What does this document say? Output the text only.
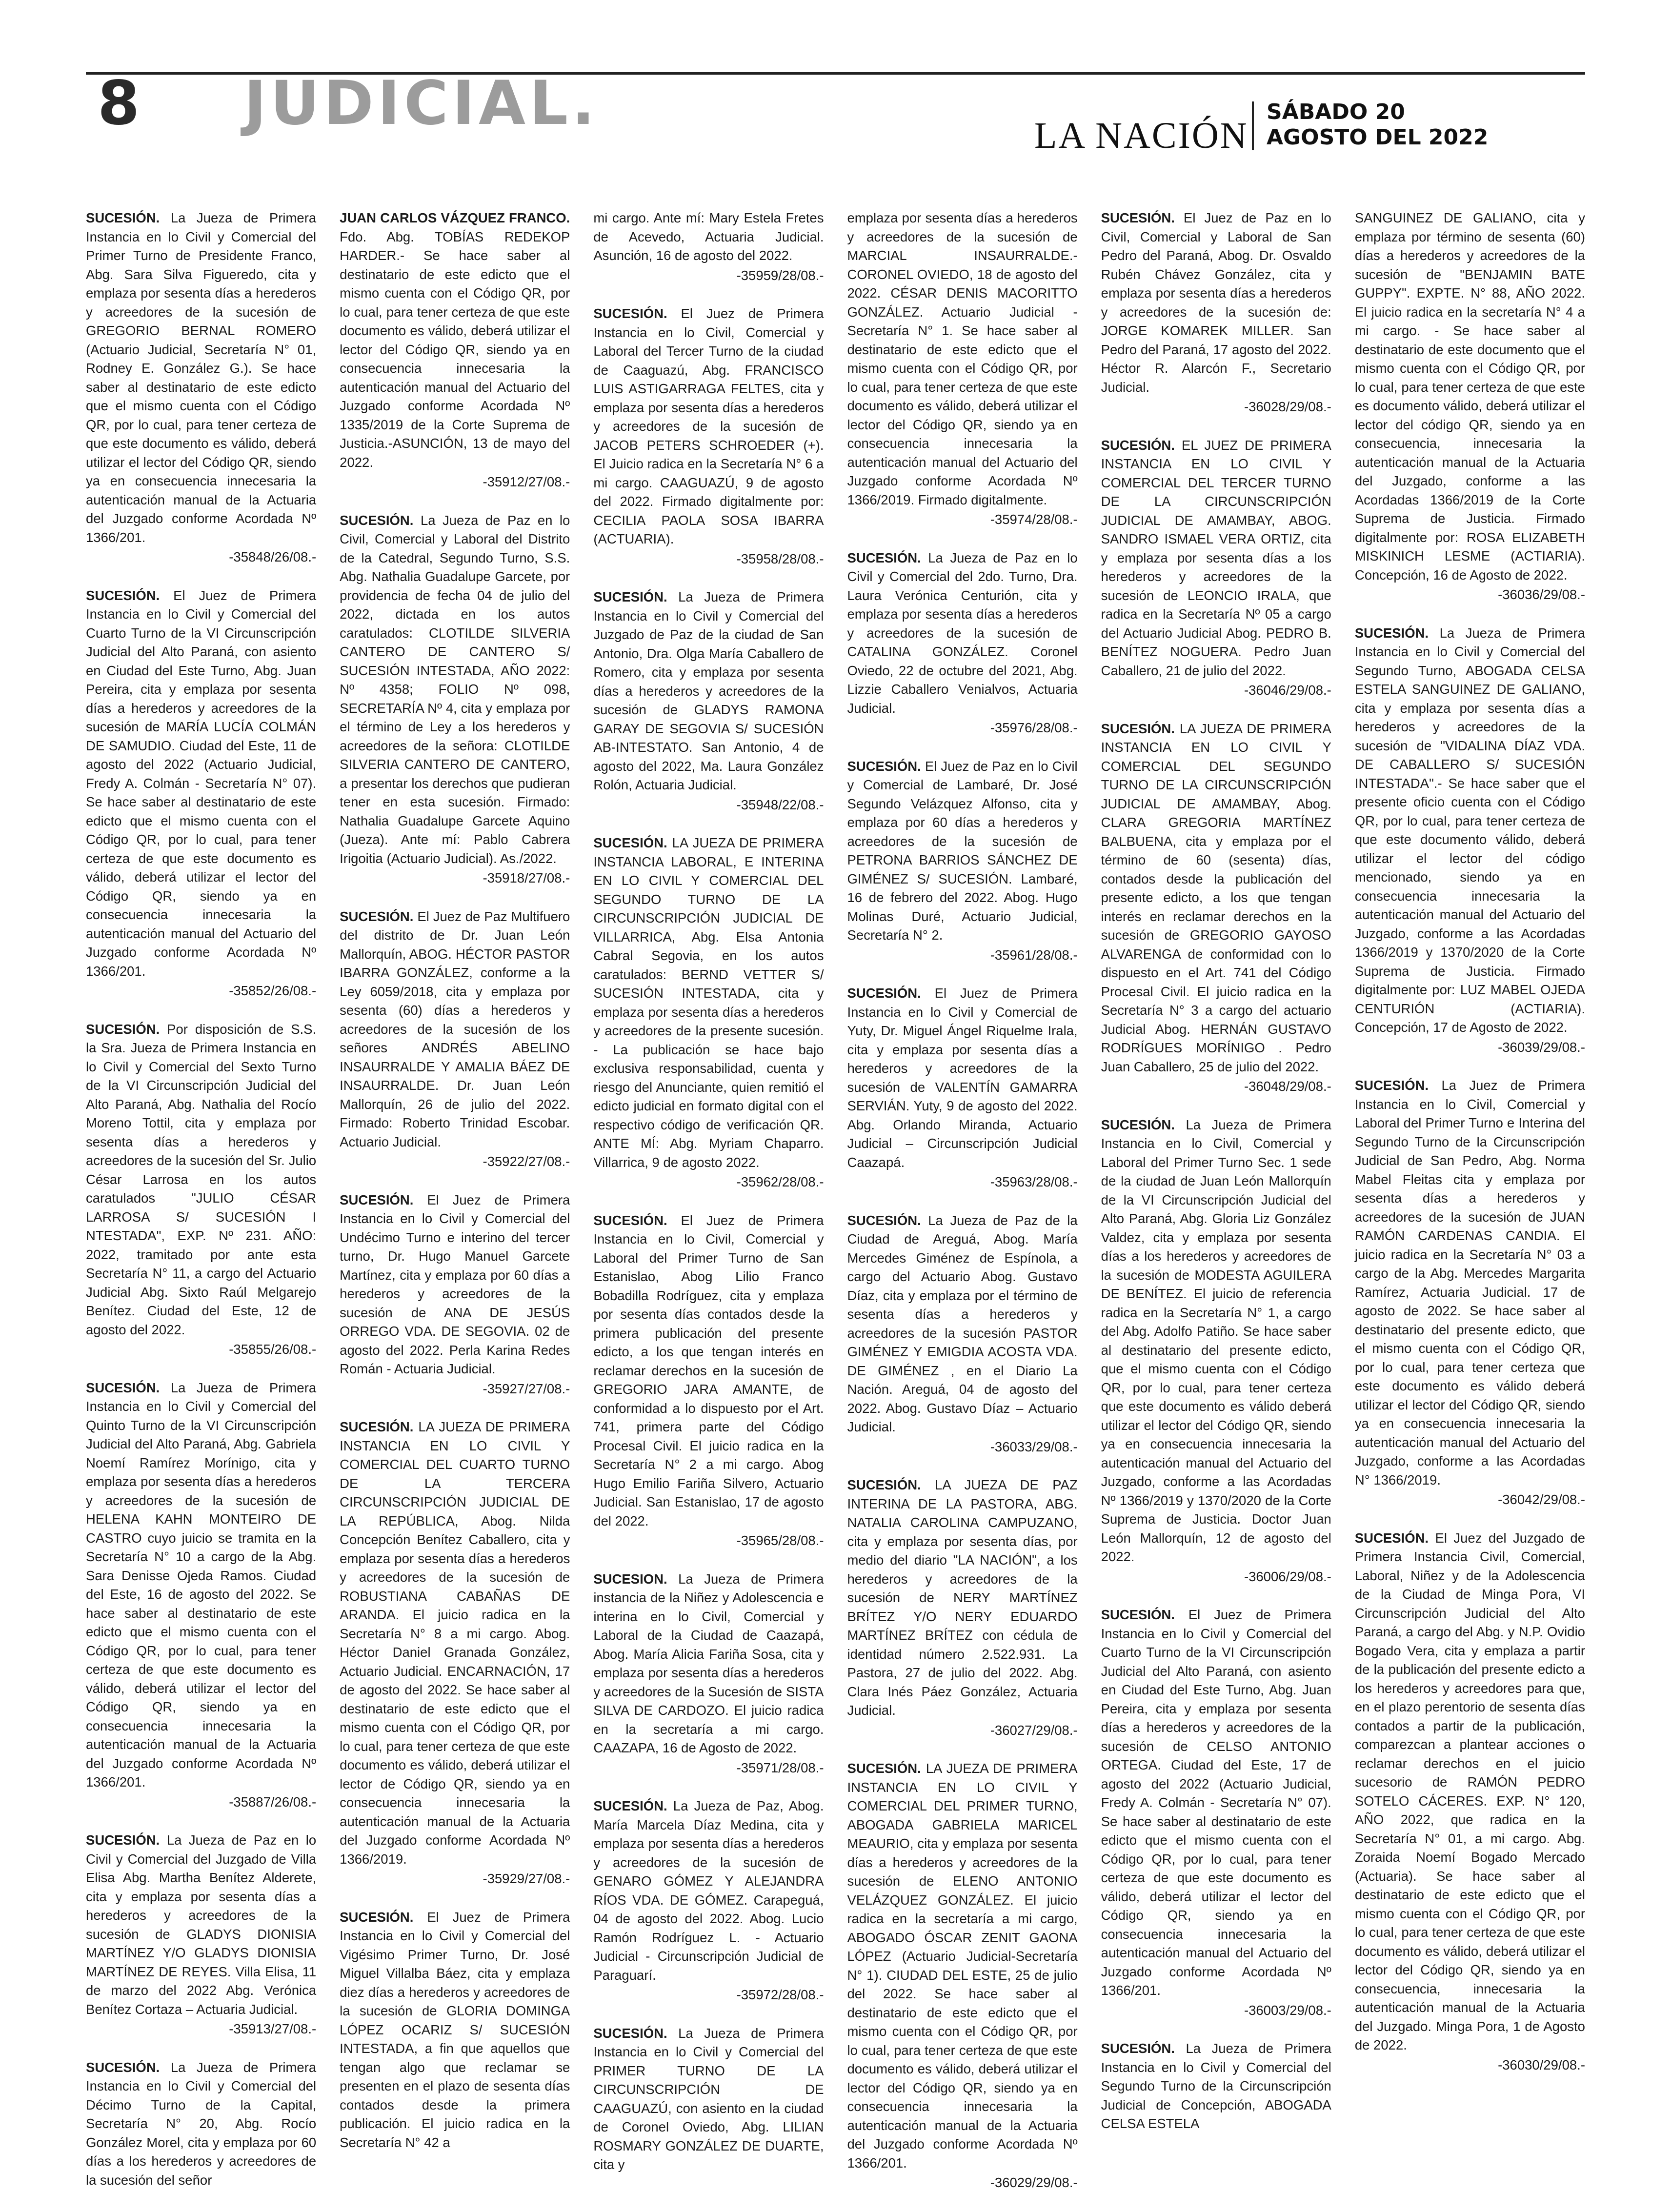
8 JUDICIAL.	LA NACIÓN
SÁBADO 20
AGOSTO DEL 2022

SUCESIÓN. La Jueza de Primera Instancia en lo Civil y Comercial del Primer Turno de Presidente Franco, Abg. Sara Silva Figueredo, cita y emplaza por sesenta días a herederos y acreedores de la sucesión de GREGORIO BERNAL ROMERO (Actuario Judicial, Secretaría N° 01, Rodney E. González G.). Se hace saber al destinatario de este edicto que el mismo cuenta con el Código QR, por lo cual, para tener certeza de que este documento es válido, deberá utilizar el lector del Código QR, siendo ya en consecuencia innecesaria la autenticación manual de la Actuaria del Juzgado conforme Acordada Nº 1366/201.
-35848/26/08.-

SUCESIÓN. El Juez de Primera Instancia en lo Civil y Comercial del Cuarto Turno de la VI Circunscripción Judicial del Alto Paraná, con asiento en Ciudad del Este Turno, Abg. Juan Pereira, cita y emplaza por sesenta días a herederos y acreedores de la sucesión de MARÍA LUCÍA COLMÁN DE SAMUDIO. Ciudad del Este, 11 de agosto del 2022 (Actuario Judicial, Fredy A. Colmán - Secretaría N° 07). Se hace saber al destinatario de este edicto que el mismo cuenta con el Código QR, por lo cual, para tener certeza de que este documento es válido, deberá utilizar el lector del Código QR, siendo ya en consecuencia innecesaria la autenticación manual del Actuario del Juzgado conforme Acordada Nº 1366/201.
-35852/26/08.-

SUCESIÓN. Por disposición de S.S. la Sra. Jueza de Primera Instancia en lo Civil y Comercial del Sexto Turno de la VI Circunscripción Judicial del Alto Paraná, Abg. Nathalia del Rocío Moreno Tottil, cita y emplaza por sesenta días a herederos y acreedores de la sucesión del Sr. Julio César Larrosa en los autos caratulados "JULIO CÉSAR LARROSA S/ SUCESIÓN I NTESTADA", EXP. Nº 231. AÑO: 2022, tramitado por ante esta Secretaría N° 11, a cargo del Actuario Judicial Abg. Sixto Raúl Melgarejo Benítez. Ciudad del Este, 12 de agosto del 2022.
-35855/26/08.-

SUCESIÓN. La Jueza de Primera Instancia en lo Civil y Comercial del Quinto Turno de la VI Circunscripción Judicial del Alto Paraná, Abg. Gabriela Noemí Ramírez Morínigo, cita y emplaza por sesenta días a herederos y acreedores de la sucesión de HELENA KAHN MONTEIRO DE CASTRO cuyo juicio se tramita en la Secretaría N° 10 a cargo de la Abg. Sara Denisse Ojeda Ramos. Ciudad del Este, 16 de agosto del 2022. Se hace saber al destinatario de este edicto que el mismo cuenta con el Código QR, por lo cual, para tener certeza de que este documento es válido, deberá utilizar el lector del Código QR, siendo ya en consecuencia innecesaria la autenticación manual de la Actuaria del Juzgado conforme Acordada Nº 1366/201.
-35887/26/08.-

SUCESIÓN. La Jueza de Paz en lo Civil y Comercial del Juzgado de Villa Elisa Abg. Martha Benítez Alderete, cita y emplaza por sesenta días a herederos y acreedores de la sucesión de GLADYS DIONISIA MARTÍNEZ Y/O GLADYS DIONISIA MARTÍNEZ DE REYES. Villa Elisa, 11 de marzo del 2022 Abg. Verónica Benítez Cortaza – Actuaria Judicial.
-35913/27/08.-

SUCESIÓN. La Jueza de Primera Instancia en lo Civil y Comercial del Décimo Turno de la Capital, Secretaría N° 20, Abg. Rocío González Morel, cita y emplaza por 60 días a los herederos y acreedores de la sucesión del señor

JUAN CARLOS VÁZQUEZ FRANCO. Fdo. Abg. TOBÍAS REDEKOP HARDER.- Se hace saber al destinatario de este edicto que el mismo cuenta con el Código QR, por lo cual, para tener certeza de que este documento es válido, deberá utilizar el lector del Código QR, siendo ya en consecuencia innecesaria la autenticación manual del Actuario del Juzgado conforme Acordada Nº 1335/2019 de la Corte Suprema de Justicia.-ASUNCIÓN, 13 de mayo del 2022.
-35912/27/08.-

SUCESIÓN. La Jueza de Paz en lo Civil, Comercial y Laboral del Distrito de la Catedral, Segundo Turno, S.S. Abg. Nathalia Guadalupe Garcete, por providencia de fecha 04 de julio del 2022, dictada en los autos caratulados: CLOTILDE SILVERIA CANTERO DE CANTERO S/ SUCESIÓN INTESTADA, AÑO 2022: Nº 4358; FOLIO Nº 098, SECRETARÍA Nº 4, cita y emplaza por el término de Ley a los herederos y acreedores de la señora: CLOTILDE SILVERIA CANTERO DE CANTERO, a presentar los derechos que pudieran tener en esta sucesión. Firmado: Nathalia Guadalupe Garcete Aquino (Jueza). Ante mí: Pablo Cabrera Irigoitia (Actuario Judicial). As./2022.
-35918/27/08.-

SUCESIÓN. El Juez de Paz Multifuero del distrito de Dr. Juan León Mallorquín, ABOG. HÉCTOR PASTOR IBARRA GONZÁLEZ, conforme a la Ley 6059/2018, cita y emplaza por sesenta (60) días a herederos y acreedores de la sucesión de los señores ANDRÉS ABELINO INSAURRALDE Y AMALIA BÁEZ DE INSAURRALDE. Dr. Juan León Mallorquín, 26 de julio del 2022. Firmado: Roberto Trinidad Escobar. Actuario Judicial.
-35922/27/08.-

SUCESIÓN. El Juez de Primera Instancia en lo Civil y Comercial del Undécimo Turno e interino del tercer turno, Dr. Hugo Manuel Garcete Martínez, cita y emplaza por 60 días a herederos y acreedores de la sucesión de ANA DE JESÚS ORREGO VDA. DE SEGOVIA. 02 de agosto del 2022. Perla Karina Redes Román - Actuaria Judicial.
-35927/27/08.-

SUCESIÓN. LA JUEZA DE PRIMERA INSTANCIA EN LO CIVIL Y COMERCIAL DEL CUARTO TURNO DE LA TERCERA CIRCUNSCRIPCIÓN JUDICIAL DE LA REPÚBLICA, Abog. Nilda Concepción Benítez Caballero, cita y emplaza por sesenta días a herederos y acreedores de la sucesión de ROBUSTIANA CABAÑAS DE ARANDA. El juicio radica en la Secretaría N° 8 a mi cargo. Abog. Héctor Daniel Granada González, Actuario Judicial. ENCARNACIÓN, 17 de agosto del 2022. Se hace saber al destinatario de este edicto que el mismo cuenta con el Código QR, por lo cual, para tener certeza de que este documento es válido, deberá utilizar el lector de Código QR, siendo ya en consecuencia innecesaria la autenticación manual de la Actuaria del Juzgado conforme Acordada Nº 1366/2019.
-35929/27/08.-

SUCESIÓN. El Juez de Primera Instancia en lo Civil y Comercial del Vigésimo Primer Turno, Dr. José Miguel Villalba Báez, cita y emplaza diez días a herederos y acreedores de la sucesión de GLORIA DOMINGA LÓPEZ OCARIZ S/ SUCESIÓN INTESTADA, a fin que aquellos que tengan algo que reclamar se presenten en el plazo de sesenta días contados desde la primera publicación. El juicio radica en la Secretaría N° 42 a

mi cargo. Ante mí: Mary Estela Fretes de Acevedo, Actuaria Judicial. Asunción, 16 de agosto del 2022.
-35959/28/08.-

SUCESIÓN. El Juez de Primera Instancia en lo Civil, Comercial y Laboral del Tercer Turno de la ciudad de Caaguazú, Abg. FRANCISCO LUIS ASTIGARRAGA FELTES, cita y emplaza por sesenta días a herederos y acreedores de la sucesión de JACOB PETERS SCHROEDER (+). El Juicio radica en la Secretaría N° 6 a mi cargo. CAAGUAZÚ, 9 de agosto del 2022. Firmado digitalmente por: CECILIA PAOLA SOSA IBARRA (ACTUARIA).
-35958/28/08.-

SUCESIÓN. La Jueza de Primera Instancia en lo Civil y Comercial del Juzgado de Paz de la ciudad de San Antonio, Dra. Olga María Caballero de Romero, cita y emplaza por sesenta días a herederos y acreedores de la sucesión de GLADYS RAMONA GARAY DE SEGOVIA S/ SUCESIÓN AB-INTESTATO. San Antonio, 4 de agosto del 2022, Ma. Laura González Rolón, Actuaria Judicial.
-35948/22/08.-

SUCESIÓN. LA JUEZA DE PRIMERA INSTANCIA LABORAL, E INTERINA EN LO CIVIL Y COMERCIAL DEL SEGUNDO TURNO DE LA CIRCUNSCRIPCIÓN JUDICIAL DE VILLARRICA, Abg. Elsa Antonia Cabral Segovia, en los autos caratulados: BERND VETTER S/ SUCESIÓN INTESTADA, cita y emplaza por sesenta días a herederos y acreedores de la presente sucesión. - La publicación se hace bajo exclusiva responsabilidad, cuenta y riesgo del Anunciante, quien remitió el edicto judicial en formato digital con el respectivo código de verificación QR. ANTE MÍ: Abg. Myriam Chaparro. Villarrica, 9 de agosto 2022.
-35962/28/08.-

SUCESIÓN. El Juez de Primera Instancia en lo Civil, Comercial y Laboral del Primer Turno de San Estanislao, Abog Lilio Franco Bobadilla Rodríguez, cita y emplaza por sesenta días contados desde la primera publicación del presente edicto, a los que tengan interés en reclamar derechos en la sucesión de GREGORIO JARA AMANTE, de conformidad a lo dispuesto por el Art. 741, primera parte del Código Procesal Civil. El juicio radica en la Secretaría N° 2 a mi cargo. Abog Hugo Emilio Fariña Silvero, Actuario Judicial. San Estanislao, 17 de agosto del 2022.
-35965/28/08.-

SUCESION. La Jueza de Primera instancia de la Niñez y Adolescencia e interina en lo Civil, Comercial y Laboral de la Ciudad de Caazapá, Abog. María Alicia Fariña Sosa, cita y emplaza por sesenta días a herederos y acreedores de la Sucesión de SISTA SILVA DE CARDOZO. El juicio radica en la secretaría a mi cargo. CAAZAPA, 16 de Agosto de 2022.
-35971/28/08.-

SUCESIÓN. La Jueza de Paz, Abog. María Marcela Díaz Medina, cita y emplaza por sesenta días a herederos y acreedores de la sucesión de GENARO GÓMEZ Y ALEJANDRA RÍOS VDA. DE GÓMEZ. Carapeguá, 04 de agosto del 2022. Abog. Lucio Ramón Rodríguez L. - Actuario Judicial - Circunscripción Judicial de Paraguarí.
-35972/28/08.-

SUCESIÓN. La Jueza de Primera Instancia en lo Civil y Comercial del PRIMER TURNO DE LA CIRCUNSCRIPCIÓN DE CAAGUAZÚ, con asiento en la ciudad de Coronel Oviedo, Abg. LILIAN ROSMARY GONZÁLEZ DE DUARTE, cita y

emplaza por sesenta días a herederos y acreedores de la sucesión de MARCIAL INSAURRALDE.- CORONEL OVIEDO, 18 de agosto del 2022. CÉSAR DENIS MACORITTO GONZÁLEZ. Actuario Judicial - Secretaría N° 1. Se hace saber al destinatario de este edicto que el mismo cuenta con el Código QR, por lo cual, para tener certeza de que este documento es válido, deberá utilizar el lector del Código QR, siendo ya en consecuencia innecesaria la autenticación manual del Actuario del Juzgado conforme Acordada Nº 1366/2019. Firmado digitalmente.
-35974/28/08.-

SUCESIÓN. La Jueza de Paz en lo Civil y Comercial del 2do. Turno, Dra. Laura Verónica Centurión, cita y emplaza por sesenta días a herederos y acreedores de la sucesión de CATALINA GONZÁLEZ. Coronel Oviedo, 22 de octubre del 2021, Abg. Lizzie Caballero Venialvos, Actuaria Judicial.
-35976/28/08.-

SUCESIÓN. El Juez de Paz en lo Civil y Comercial de Lambaré, Dr. José Segundo Velázquez Alfonso, cita y emplaza por 60 días a herederos y acreedores de la sucesión de PETRONA BARRIOS SÁNCHEZ DE GIMÉNEZ S/ SUCESIÓN. Lambaré, 16 de febrero del 2022. Abog. Hugo Molinas Duré, Actuario Judicial, Secretaría N° 2.
-35961/28/08.-

SUCESIÓN. El Juez de Primera Instancia en lo Civil y Comercial de Yuty, Dr. Miguel Ángel Riquelme Irala, cita y emplaza por sesenta días a herederos y acreedores de la sucesión de VALENTÍN GAMARRA SERVIÁN. Yuty, 9 de agosto del 2022. Abg. Orlando Miranda, Actuario Judicial – Circunscripción Judicial Caazapá.
-35963/28/08.-

SUCESIÓN. La Jueza de Paz de la Ciudad de Areguá, Abog. María Mercedes Giménez de Espínola, a cargo del Actuario Abog. Gustavo Díaz, cita y emplaza por el término de sesenta días a herederos y acreedores de la sucesión PASTOR GIMÉNEZ Y EMIGDIA ACOSTA VDA. DE GIMÉNEZ , en el Diario La Nación. Areguá, 04 de agosto del 2022. Abog. Gustavo Díaz – Actuario Judicial.
-36033/29/08.-

SUCESIÓN. LA JUEZA DE PAZ INTERINA DE LA PASTORA, ABG. NATALIA CAROLINA CAMPUZANO, cita y emplaza por sesenta días, por medio del diario "LA NACIÓN", a los herederos y acreedores de la sucesión de NERY MARTÍNEZ BRÍTEZ Y/O NERY EDUARDO MARTÍNEZ BRÍTEZ con cédula de identidad número 2.522.931. La Pastora, 27 de julio del 2022. Abg. Clara Inés Páez González, Actuaria Judicial.
-36027/29/08.-

SUCESIÓN. LA JUEZA DE PRIMERA INSTANCIA EN LO CIVIL Y COMERCIAL DEL PRIMER TURNO, ABOGADA GABRIELA MARICEL MEAURIO, cita y emplaza por sesenta días a herederos y acreedores de la sucesión de ELENO ANTONIO VELÁZQUEZ GONZÁLEZ. El juicio radica en la secretaría a mi cargo, ABOGADO ÓSCAR ZENIT GAONA LÓPEZ (Actuario Judicial-Secretaría N° 1). CIUDAD DEL ESTE, 25 de julio del 2022. Se hace saber al destinatario de este edicto que el mismo cuenta con el Código QR, por lo cual, para tener certeza de que este documento es válido, deberá utilizar el lector del Código QR, siendo ya en consecuencia innecesaria la autenticación manual de la Actuaria del Juzgado conforme Acordada Nº 1366/201.
-36029/29/08.-

SUCESIÓN. El Juez de Paz en lo Civil, Comercial y Laboral de San Pedro del Paraná, Abog. Dr. Osvaldo Rubén Chávez González, cita y emplaza por sesenta días a herederos y acreedores de la sucesión de: JORGE KOMAREK MILLER. San Pedro del Paraná, 17 agosto del 2022. Héctor R. Alarcón F., Secretario Judicial.
-36028/29/08.-

SUCESIÓN. EL JUEZ DE PRIMERA INSTANCIA EN LO CIVIL Y COMERCIAL DEL TERCER TURNO DE LA CIRCUNSCRIPCIÓN JUDICIAL DE AMAMBAY, ABOG. SANDRO ISMAEL VERA ORTIZ, cita y emplaza por sesenta días a los herederos y acreedores de la sucesión de LEONCIO IRALA, que radica en la Secretaría Nº 05 a cargo del Actuario Judicial Abog. PEDRO B. BENÍTEZ NOGUERA. Pedro Juan Caballero, 21 de julio del 2022.
-36046/29/08.-

SUCESIÓN. LA JUEZA DE PRIMERA INSTANCIA EN LO CIVIL Y COMERCIAL DEL SEGUNDO TURNO DE LA CIRCUNSCRIPCIÓN JUDICIAL DE AMAMBAY, Abog. CLARA GREGORIA MARTÍNEZ BALBUENA, cita y emplaza por el término de 60 (sesenta) días, contados desde la publicación del presente edicto, a los que tengan interés en reclamar derechos en la sucesión de GREGORIO GAYOSO ALVARENGA de conformidad con lo dispuesto en el Art. 741 del Código Procesal Civil. El juicio radica en la Secretaría N° 3 a cargo del actuario Judicial Abog. HERNÁN GUSTAVO RODRÍGUES MORÍNIGO . Pedro Juan Caballero, 25 de julio del 2022.
-36048/29/08.-

SUCESIÓN. La Jueza de Primera Instancia en lo Civil, Comercial y Laboral del Primer Turno Sec. 1 sede de la ciudad de Juan León Mallorquín de la VI Circunscripción Judicial del Alto Paraná, Abg. Gloria Liz González Valdez, cita y emplaza por sesenta días a los herederos y acreedores de la sucesión de MODESTA AGUILERA DE BENÍTEZ. El juicio de referencia radica en la Secretaría N° 1, a cargo del Abg. Adolfo Patiño. Se hace saber al destinatario del presente edicto, que el mismo cuenta con el Código QR, por lo cual, para tener certeza que este documento es válido deberá utilizar el lector del Código QR, siendo ya en consecuencia innecesaria la autenticación manual del Actuario del Juzgado, conforme a las Acordadas Nº 1366/2019 y 1370/2020 de la Corte Suprema de Justicia. Doctor Juan León Mallorquín, 12 de agosto del 2022.
-36006/29/08.-

SUCESIÓN. El Juez de Primera Instancia en lo Civil y Comercial del Cuarto Turno de la VI Circunscripción Judicial del Alto Paraná, con asiento en Ciudad del Este Turno, Abg. Juan Pereira, cita y emplaza por sesenta días a herederos y acreedores de la sucesión de CELSO ANTONIO ORTEGA. Ciudad del Este, 17 de agosto del 2022 (Actuario Judicial, Fredy A. Colmán - Secretaría N° 07). Se hace saber al destinatario de este edicto que el mismo cuenta con el Código QR, por lo cual, para tener certeza de que este documento es válido, deberá utilizar el lector del Código QR, siendo ya en consecuencia innecesaria la autenticación manual del Actuario del Juzgado conforme Acordada Nº 1366/201.
-36003/29/08.-

SUCESIÓN. La Jueza de Primera Instancia en lo Civil y Comercial del Segundo Turno de la Circunscripción Judicial de Concepción, ABOGADA CELSA ESTELA

SANGUINEZ DE GALIANO, cita y emplaza por término de sesenta (60) días a herederos y acreedores de la sucesión de "BENJAMIN BATE GUPPY". EXPTE. N° 88, AÑO 2022. El juicio radica en la secretaría N° 4 a mi cargo. - Se hace saber al destinatario de este documento que el mismo cuenta con el Código QR, por lo cual, para tener certeza de que este es documento válido, deberá utilizar el lector del código QR, siendo ya en consecuencia, innecesaria la autenticación manual de la Actuaria del Juzgado, conforme a las Acordadas 1366/2019 de la Corte Suprema de Justicia. Firmado digitalmente por: ROSA ELIZABETH MISKINICH LESME (ACTIARIA). Concepción, 16 de Agosto de 2022.
-36036/29/08.-

SUCESIÓN. La Jueza de Primera Instancia en lo Civil y Comercial del Segundo Turno, ABOGADA CELSA ESTELA SANGUINEZ DE GALIANO, cita y emplaza por sesenta días a herederos y acreedores de la sucesión de "VIDALINA DÍAZ VDA. DE CABALLERO S/ SUCESIÓN INTESTADA".- Se hace saber que el presente oficio cuenta con el Código QR, por lo cual, para tener certeza de que este documento válido, deberá utilizar el lector del código mencionado, siendo ya en consecuencia innecesaria la autenticación manual del Actuario del Juzgado, conforme a las Acordadas 1366/2019 y 1370/2020 de la Corte Suprema de Justicia. Firmado digitalmente por: LUZ MABEL OJEDA CENTURIÓN (ACTIARIA). Concepción, 17 de Agosto de 2022.
-36039/29/08.-

SUCESIÓN. La Juez de Primera Instancia en lo Civil, Comercial y Laboral del Primer Turno e Interina del Segundo Turno de la Circunscripción Judicial de San Pedro, Abg. Norma Mabel Fleitas cita y emplaza por sesenta días a herederos y acreedores de la sucesión de JUAN RAMÓN CARDENAS CANDIA. El juicio radica en la Secretaría N° 03 a cargo de la Abg. Mercedes Margarita Ramírez, Actuaria Judicial. 17 de agosto de 2022. Se hace saber al destinatario del presente edicto, que el mismo cuenta con el Código QR, por lo cual, para tener certeza que este documento es válido deberá utilizar el lector del Código QR, siendo ya en consecuencia innecesaria la autenticación manual del Actuario del Juzgado, conforme a las Acordadas N° 1366/2019.
-36042/29/08.-

SUCESIÓN. El Juez del Juzgado de Primera Instancia Civil, Comercial, Laboral, Niñez y de la Adolescencia de la Ciudad de Minga Pora, VI Circunscripción Judicial del Alto Paraná, a cargo del Abg. y N.P. Ovidio Bogado Vera, cita y emplaza a partir de la publicación del presente edicto a los herederos y acreedores para que, en el plazo perentorio de sesenta días contados a partir de la publicación, comparezcan a plantear acciones o reclamar derechos en el juicio sucesorio de RAMÓN PEDRO SOTELO CÁCERES. EXP. N° 120, AÑO 2022, que radica en la Secretaría N° 01, a mi cargo. Abg. Zoraida Noemí Bogado Mercado (Actuaria). Se hace saber al destinatario de este edicto que el mismo cuenta con el Código QR, por lo cual, para tener certeza de que este documento es válido, deberá utilizar el lector del Código QR, siendo ya en consecuencia, innecesaria la autenticación manual de la Actuaria del Juzgado. Minga Pora, 1 de Agosto de 2022.
-36030/29/08.-
